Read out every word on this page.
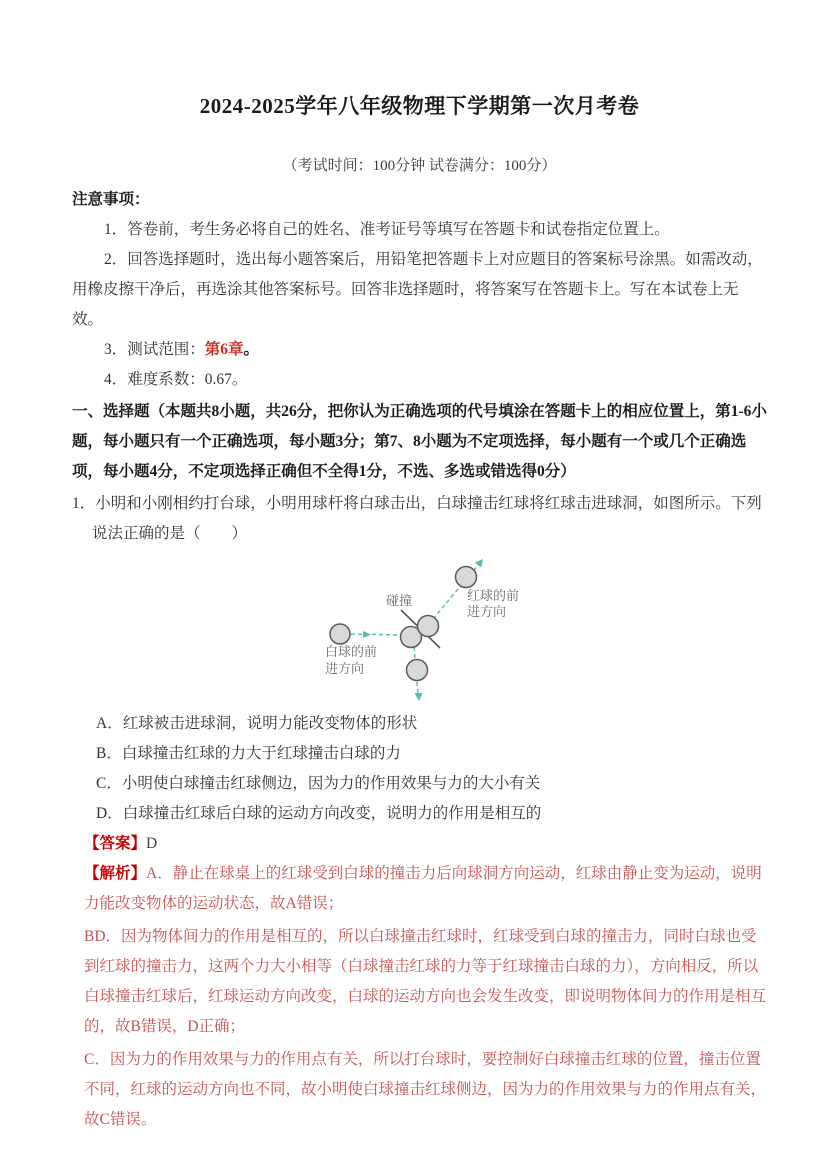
2024-2025学年八年级物理下学期第一次月考卷
（考试时间：100分钟 试卷满分：100分）
注意事项：

1．答卷前，考生务必将自己的姓名、准考证号等填写在答题卡和试卷指定位置上。

2．回答选择题时，选出每小题答案后，用铅笔把答题卡上对应题目的答案标号涂黑。如需改动，用橡皮擦干净后，再选涂其他答案标号。回答非选择题时，将答案写在答题卡上。写在本试卷上无效。

3．测试范围：第6章。

4．难度系数：0.67。

一、选择题（本题共8小题，共26分，把你认为正确选项的代号填涂在答题卡上的相应位置上，第1-6小题，每小题只有一个正确选项，每小题3分；第7、8小题为不定项选择，每小题有一个或几个正确选项，每小题4分，不定项选择正确但不全得1分，不选、多选或错选得0分）

1．小明和小刚相约打台球，小明用球杆将白球击出，白球撞击红球将红球击进球洞，如图所示。下列说法正确的是（　　）

碰撞	红球的前
进方向
白球的前
进方向
A．红球被击进球洞，说明力能改变物体的形状
B．白球撞击红球的力大于红球撞击白球的力
C．小明使白球撞击红球侧边，因为力的作用效果与力的大小有关
D．白球撞击红球后白球的运动方向改变，说明力的作用是相互的
【答案】D

【解析】A．静止在球桌上的红球受到白球的撞击力后向球洞方向运动，红球由静止变为运动，说明力能改变物体的运动状态，故A错误；

BD．因为物体间力的作用是相互的，所以白球撞击红球时，红球受到白球的撞击力，同时白球也受到红球的撞击力，这两个力大小相等（白球撞击红球的力等于红球撞击白球的力），方向相反，所以白球撞击红球后，红球运动方向改变，白球的运动方向也会发生改变，即说明物体间力的作用是相互的，故B错误，D正确；

C．因为力的作用效果与力的作用点有关，所以打台球时，要控制好白球撞击红球的位置，撞击位置不同，红球的运动方向也不同，故小明使白球撞击红球侧边，因为力的作用效果与力的作用点有关，故C错误。
